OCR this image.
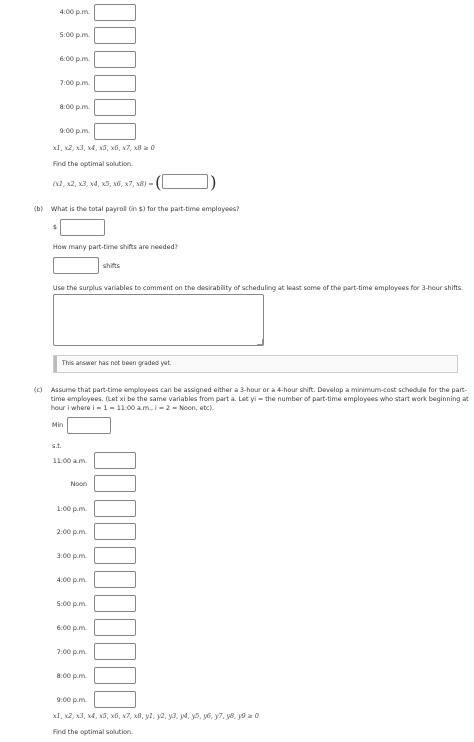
4:00 p.m.
5:00 p.m.
6:00 p.m.
7:00 p.m.
8:00 p.m.
9:00 p.m.
x1, x2, x3, x4, x5, x6, x7, x8 ≥ 0
Find the optimal solution.
(x1, x2, x3, x4, x5, x6, x7, x8) = (	)
(b) What is the total payroll (in $) for the part-time employees?
$
How many part-time shifts are needed?
shifts
Use the surplus variables to comment on the desirability of scheduling at least some of the part-time employees for 3-hour shifts.
This answer has not been graded yet.
(c) Assume that part-time employees can be assigned either a 3-hour or a 4-hour shift. Develop a minimum-cost schedule for the part-
time employees. (Let xi be the same variables from part a. Let yi = the number of part-time employees who start work beginning at
hour i where i = 1 = 11:00 a.m., i = 2 = Noon, etc).
Min
s.t.
11:00 a.m.
Noon
1:00 p.m.
2:00 p.m.
3:00 p.m.
4:00 p.m.
5:00 p.m.
6:00 p.m.
7:00 p.m.
8:00 p.m.
9:00 p.m.
x1, x2, x3, x4, x5, x6, x7, x8, y1, y2, y3, y4, y5, y6, y7, y8, y9 ≥ 0
Find the optimal solution.
